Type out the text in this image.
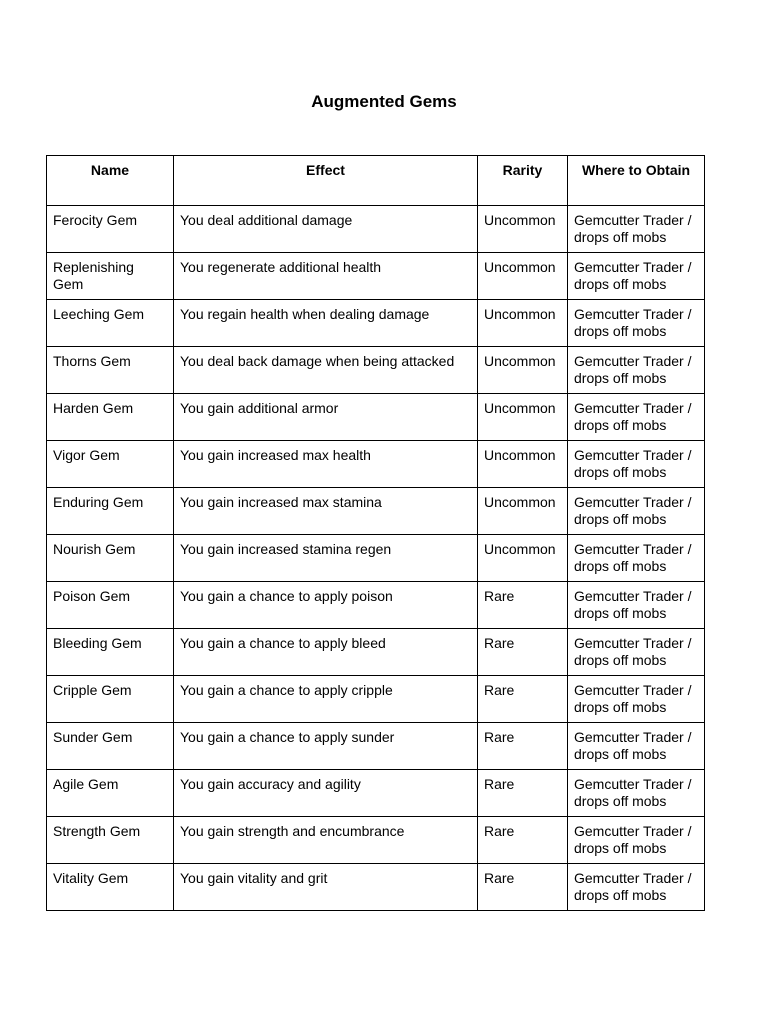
Augmented Gems
Name	Effect	Rarity	Where to Obtain
Ferocity Gem	You deal additional damage	Uncommon	Gemcutter Trader / drops off mobs
Replenishing Gem	You regenerate additional health	Uncommon	Gemcutter Trader / drops off mobs
Leeching Gem	You regain health when dealing damage	Uncommon	Gemcutter Trader / drops off mobs
Thorns Gem	You deal back damage when being attacked	Uncommon	Gemcutter Trader / drops off mobs
Harden Gem	You gain additional armor	Uncommon	Gemcutter Trader / drops off mobs
Vigor Gem	You gain increased max health	Uncommon	Gemcutter Trader / drops off mobs
Enduring Gem	You gain increased max stamina	Uncommon	Gemcutter Trader / drops off mobs
Nourish Gem	You gain increased stamina regen	Uncommon	Gemcutter Trader / drops off mobs
Poison Gem	You gain a chance to apply poison	Rare	Gemcutter Trader / drops off mobs
Bleeding Gem	You gain a chance to apply bleed	Rare	Gemcutter Trader / drops off mobs
Cripple Gem	You gain a chance to apply cripple	Rare	Gemcutter Trader / drops off mobs
Sunder Gem	You gain a chance to apply sunder	Rare	Gemcutter Trader / drops off mobs
Agile Gem	You gain accuracy and agility	Rare	Gemcutter Trader / drops off mobs
Strength Gem	You gain strength and encumbrance	Rare	Gemcutter Trader / drops off mobs
Vitality Gem	You gain vitality and grit	Rare	Gemcutter Trader / drops off mobs
